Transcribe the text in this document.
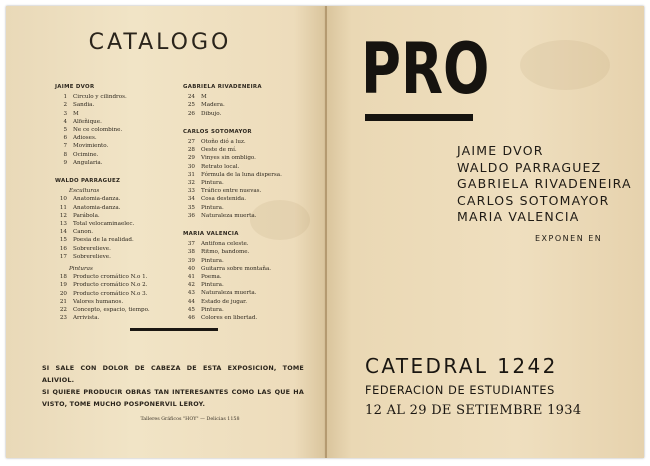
CATALOGO
JAIME DVOR
1	Circulo y cilindros.
2	Sandia.
3	M
4	Alfeñique.
5	Ne ce colombine.
6	Adioses.
7	Movimiento.
8	Ocimine.
9	Angularia.
WALDO PARRAGUEZ
Esculturas
10	Anatomia-danza.
11	Anatomia-danza.
12	Parábola.
13	Total velocaminaelec.
14	Canon.
15	Poesia de la realidad.
16	Sobrerelieve.
17	Sobrerelieve.
Pinturas
18	Producto cromático N.o 1.
19	Producto cromático N.o 2.
20	Producto cromático N.o 3.
21	Valores humanos.
22	Concepto, espacio, tiempo.
23	Arrivista.
GABRIELA RIVADENEIRA
24	M
25	Madera.
26	Dibujo.
CARLOS SOTOMAYOR
27	Otoño dió a luz.
28	Oeste de mí.
29	Vinyes sin ombligo.
30	Retrato local.
31	Fórmula de la luna dispersa.
32	Pintura.
33	Tráfico entre nuevas.
34	Cosa destenida.
35	Pintura.
36	Naturaleza muerta.
MARIA VALENCIA
37	Antifona celeste.
38	Ritmo, bandome.
39	Pintura.
40	Guitarra sobre montaña.
41	Poema.
42	Pintura.
43	Naturaleza muerta.
44	Estado de jugar.
45	Pintura.
46	Colores en libertad.
SI SALE CON DOLOR DE CABEZA DE ESTA EXPOSICION, TOME ALIVIOL.
SI QUIERE PRODUCIR OBRAS TAN INTERESANTES COMO LAS QUE HA VISTO, TOME MUCHO POSPONERVIL LEROY.
Talleres Gráficos "HOY" — Delicias 1158
PRO
JAIME DVOR
WALDO PARRAGUEZ
GABRIELA RIVADENEIRA
CARLOS SOTOMAYOR
MARIA VALENCIA
EXPONEN EN
CATEDRAL 1242
FEDERACION DE ESTUDIANTES
12 AL 29 DE SETIEMBRE 1934
